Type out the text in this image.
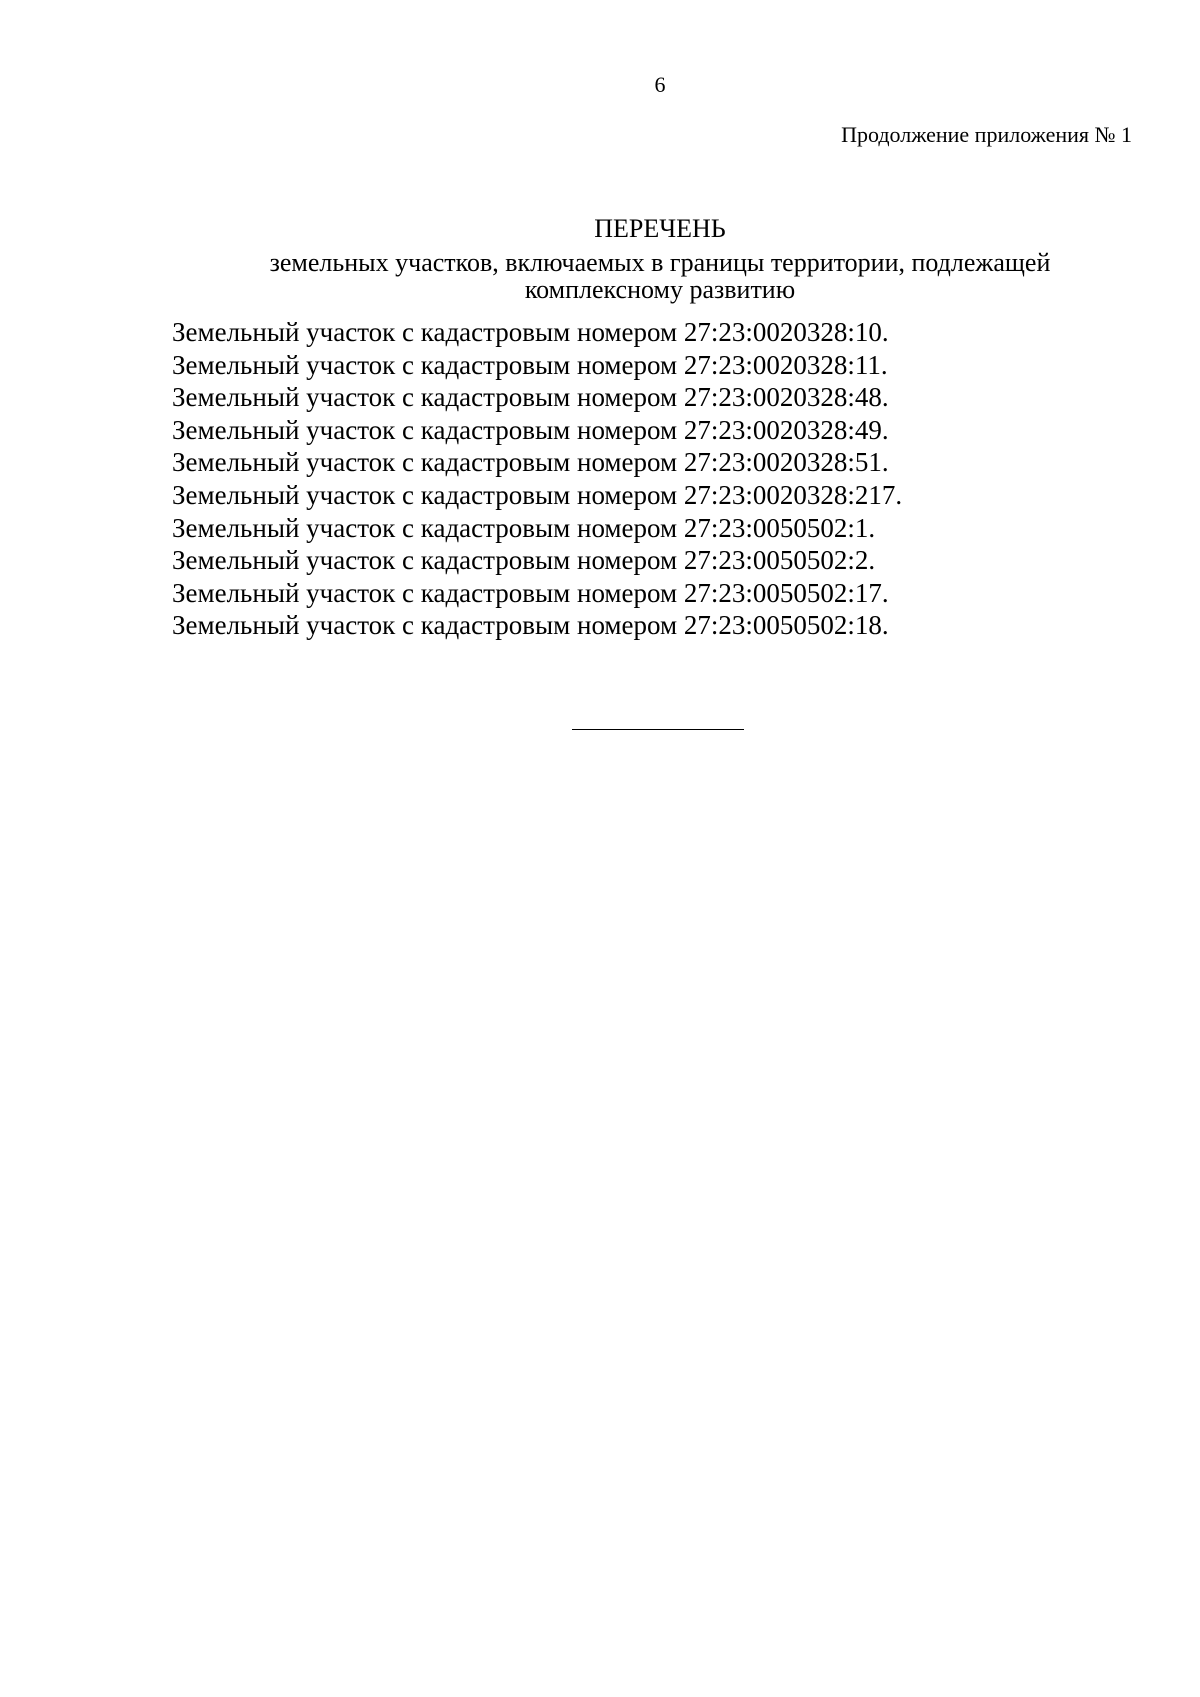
6
Продолжение приложения № 1
ПЕРЕЧЕНЬ
земельных участков, включаемых в границы территории, подлежащей
комплексному развитию
Земельный участок с кадастровым номером 27:23:0020328:10.
Земельный участок с кадастровым номером 27:23:0020328:11.
Земельный участок с кадастровым номером 27:23:0020328:48.
Земельный участок с кадастровым номером 27:23:0020328:49.
Земельный участок с кадастровым номером 27:23:0020328:51.
Земельный участок с кадастровым номером 27:23:0020328:217.
Земельный участок с кадастровым номером 27:23:0050502:1.
Земельный участок с кадастровым номером 27:23:0050502:2.
Земельный участок с кадастровым номером 27:23:0050502:17.
Земельный участок с кадастровым номером 27:23:0050502:18.
